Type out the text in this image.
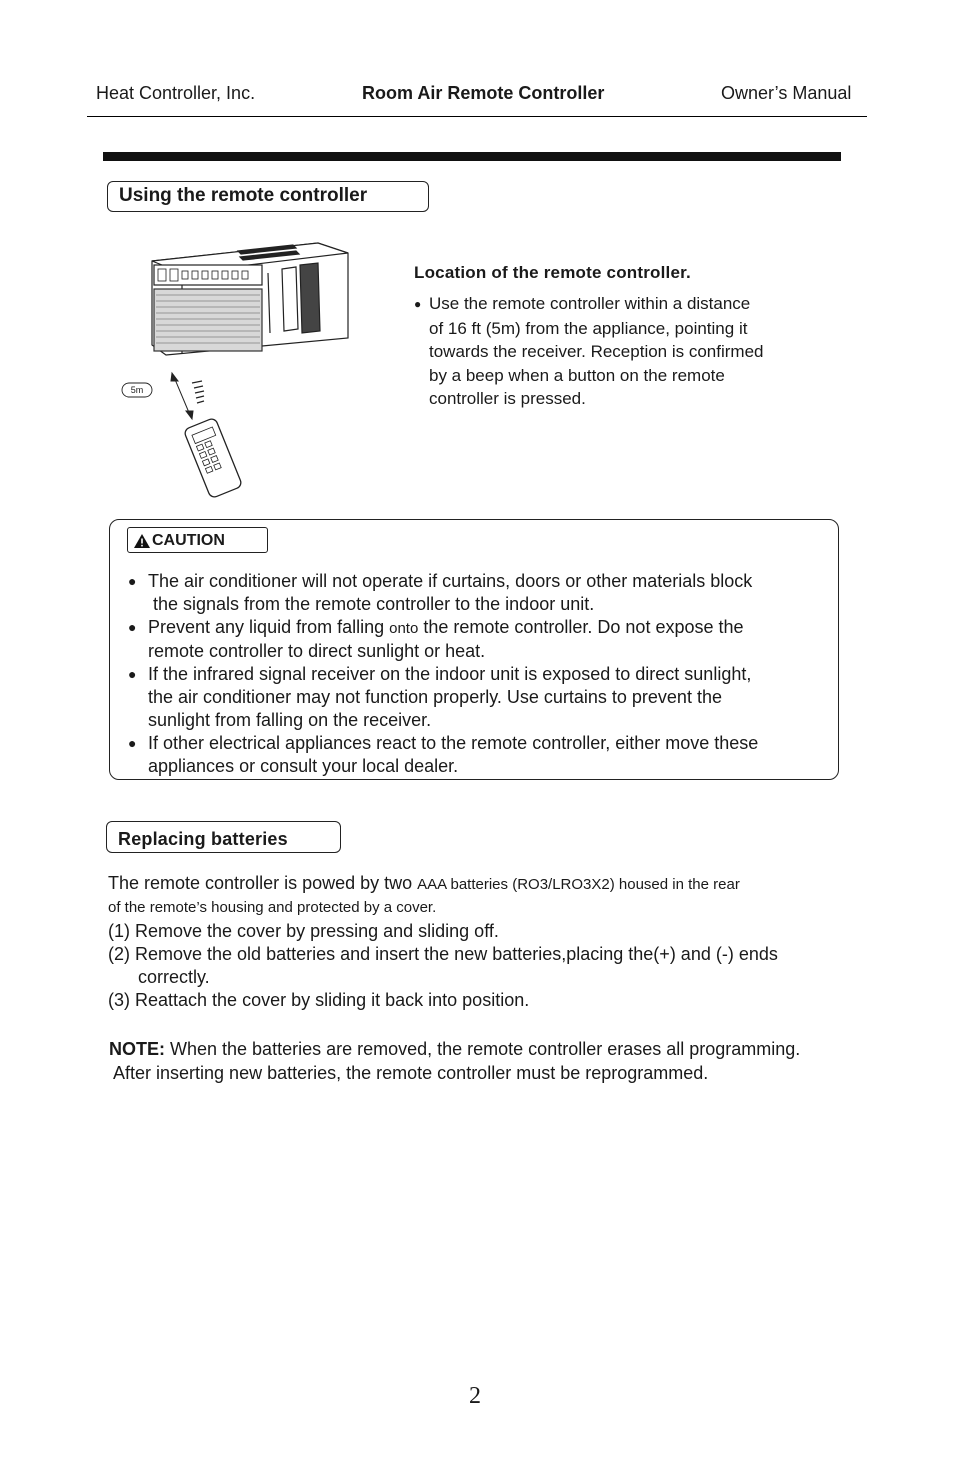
Heat Controller, Inc.	Room Air Remote Controller	Owner’s Manual
Using the remote controller
5m
Location of the remote controller.
● Use the remote controller within a distance
of 16 ft (5m) from the appliance, pointing it
towards the receiver. Reception is confirmed
by a beep when a button on the remote
controller is pressed.
CAUTION
● The air conditioner will not operate if curtains, doors or other materials block
the signals from the remote controller to the indoor unit.
● Prevent any liquid from falling onto the remote controller. Do not expose the
remote controller to direct sunlight or heat.
● If the infrared signal receiver on the indoor unit is exposed to direct sunlight,
the air conditioner may not function properly. Use curtains to prevent the
sunlight from falling on the receiver.
● If other electrical appliances react to the remote controller, either move these
appliances or consult your local dealer.
Replacing batteries
The remote controller is powed by two AAA batteries (RO3/LRO3X2) housed in the rear
of the remote’s housing and protected by a cover.
(1) Remove the cover by pressing and sliding off.
(2) Remove the old batteries and insert the new batteries,placing the(+) and (-) ends
correctly.
(3) Reattach the cover by sliding it back into position.
NOTE: When the batteries are removed, the remote controller erases all programming.
After inserting new batteries, the remote controller must be reprogrammed.
2
